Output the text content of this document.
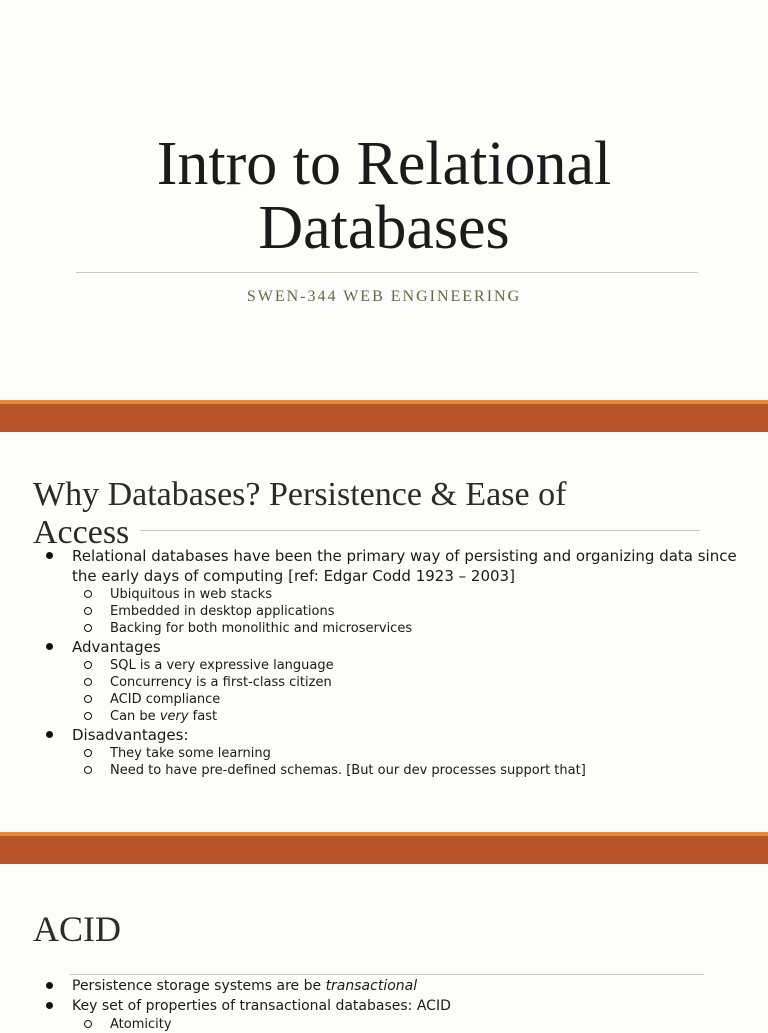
Intro to Relational
Databases
SWEN-344 WEB ENGINEERING
Why Databases? Persistence & Ease of
Access
Relational databases have been the primary way of persisting and organizing data since the early days of computing [ref: Edgar Codd 1923 – 2003]
Ubiquitous in web stacks
Embedded in desktop applications
Backing for both monolithic and microservices
Advantages
SQL is a very expressive language
Concurrency is a first-class citizen
ACID compliance
Can be very fast
Disadvantages:
They take some learning
Need to have pre-defined schemas. [But our dev processes support that]
ACID
Persistence storage systems are be transactional
Key set of properties of transactional databases: ACID
Atomicity
